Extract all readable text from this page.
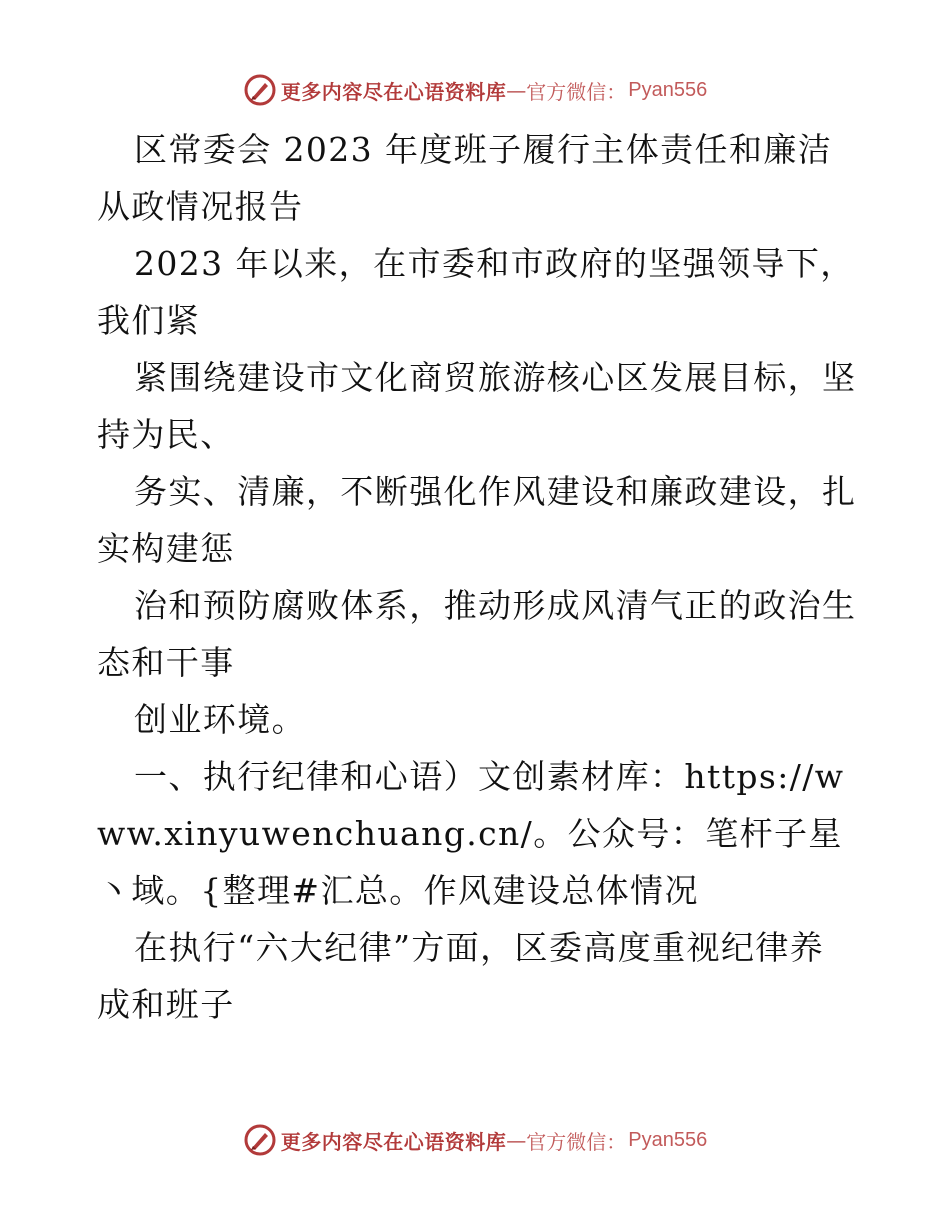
更多内容尽在心语资料库 — 官方微信： Pyan556

区常委会 2023 年度班子履行主体责任和廉洁从政情况报告

2023 年以来，在市委和市政府的坚强领导下，我们紧

紧围绕建设市文化商贸旅游核心区发展目标，坚持为民、

务实、清廉，不断强化作风建设和廉政建设，扎实构建惩

治和预防腐败体系，推动形成风清气正的政治生态和干事

创业环境。

一、执行纪律和心语）文创素材库：https://www.xinyuwenchuang.cn/。公众号：笔杆子星丶域。{整理#汇总。作风建设总体情况

在执行“六大纪律”方面，区委高度重视纪律养成和班子

更多内容尽在心语资料库 — 官方微信： Pyan556
